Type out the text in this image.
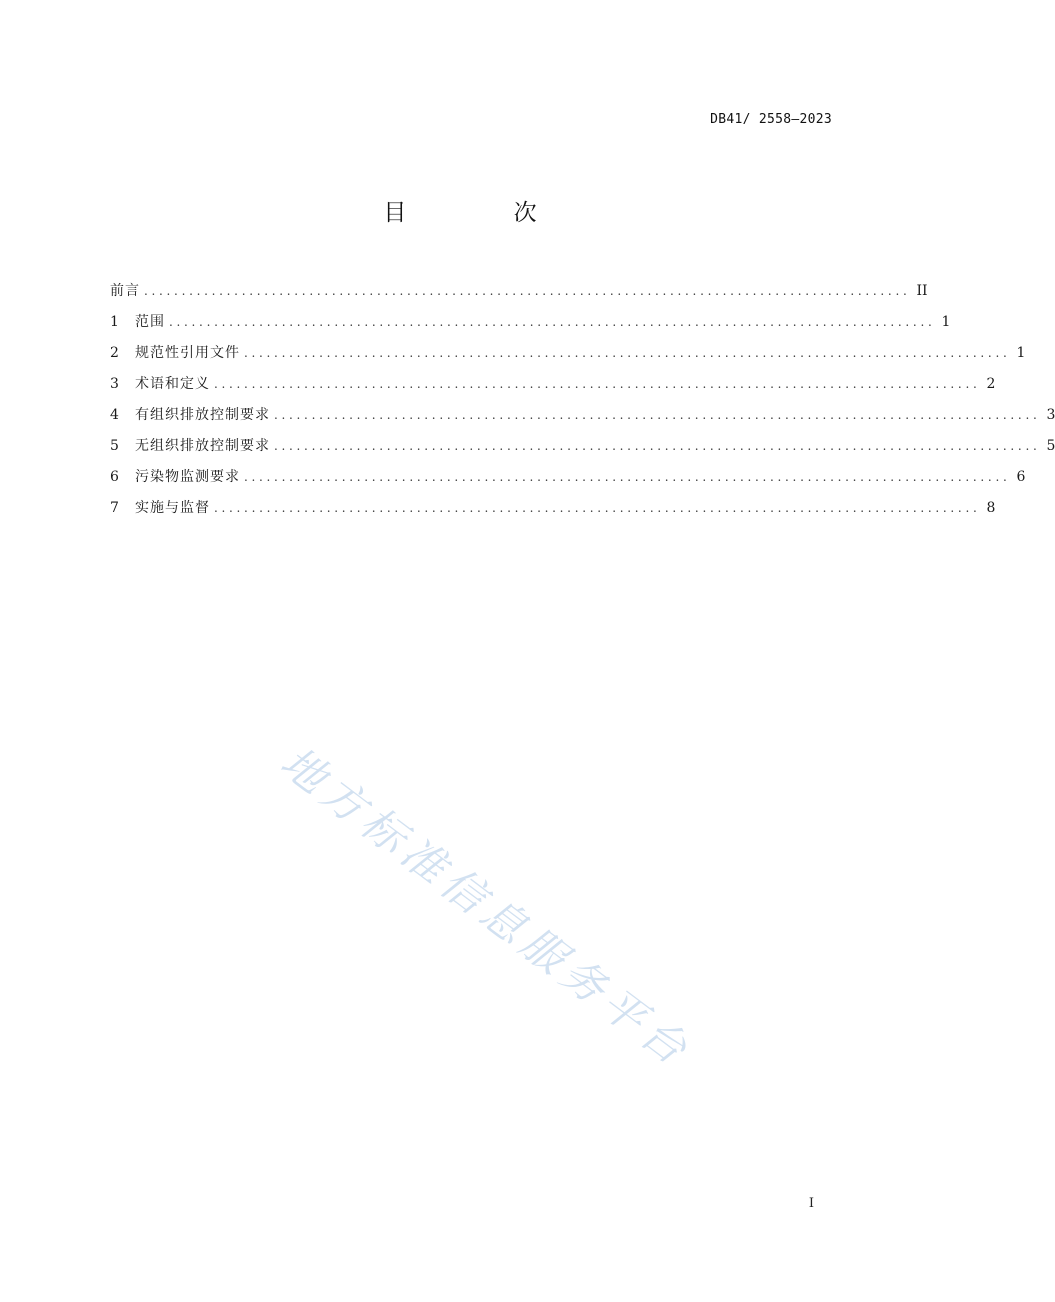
DB41/ 2558—2023
目 次
前言 ...................................................................................................... II
1	范围 ...................................................................................................... 1
2	规范性引用文件 ...................................................................................................... 1
3	术语和定义 ...................................................................................................... 2
4	有组织排放控制要求 ...................................................................................................... 3
5	无组织排放控制要求 ...................................................................................................... 5
6	污染物监测要求 ...................................................................................................... 6
7	实施与监督 ...................................................................................................... 8
地方标准信息服务平台
I
